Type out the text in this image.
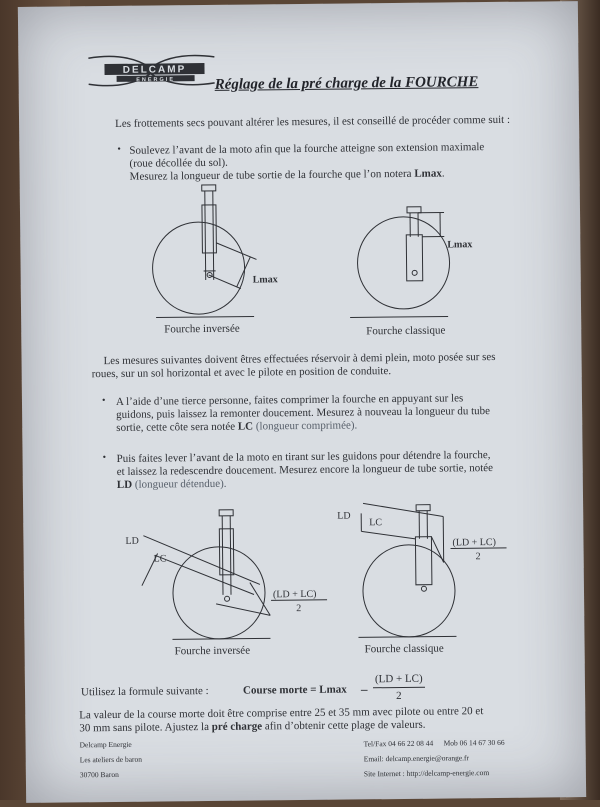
DELCAMP
ENERGIE	Réglage de la pré charge de la FOURCHE
Les frottements secs pouvant altérer les mesures, il est conseillé de procéder comme suit :
• Soulevez l’avant de la moto afin que la fourche atteigne son extension maximale
(roue décollée du sol).
Mesurez la longueur de tube sortie de la fourche que l’on notera Lmax.
Lmax
Lmax
Fourche inversée	Fourche classique
Les mesures suivantes doivent êtres effectuées réservoir à demi plein, moto posée sur ses
roues, sur un sol horizontal et avec le pilote en position de conduite.
• A l’aide d’une tierce personne, faites comprimer la fourche en appuyant sur les
guidons, puis laissez la remonter doucement. Mesurez à nouveau la longueur du tube
sortie, cette côte sera notée LC (longueur comprimée).
• Puis faites lever l’avant de la moto en tirant sur les guidons pour détendre la fourche,
et laissez la redescendre doucement. Mesurez encore la longueur de tube sortie, notée
LD (longueur détendue).
LD
LC
(LD + LC)
2
LD
LC
(LD + LC)
2
Fourche inversée	Fourche classique
Utilisez la formule suivante :	Course morte = Lmax –
(LD + LC)
2
La valeur de la course morte doit être comprise entre 25 et 35 mm avec pilote ou entre 20 et
30 mm sans pilote. Ajustez la pré charge afin d’obtenir cette plage de valeurs.
Delcamp Energie
Les ateliers de baron
30700 Baron
Tel/Fax 04 66 22 08 44 Mob 06 14 67 30 66
Email: delcamp.energie@orange.fr
Site Internet : http://delcamp-energie.com
